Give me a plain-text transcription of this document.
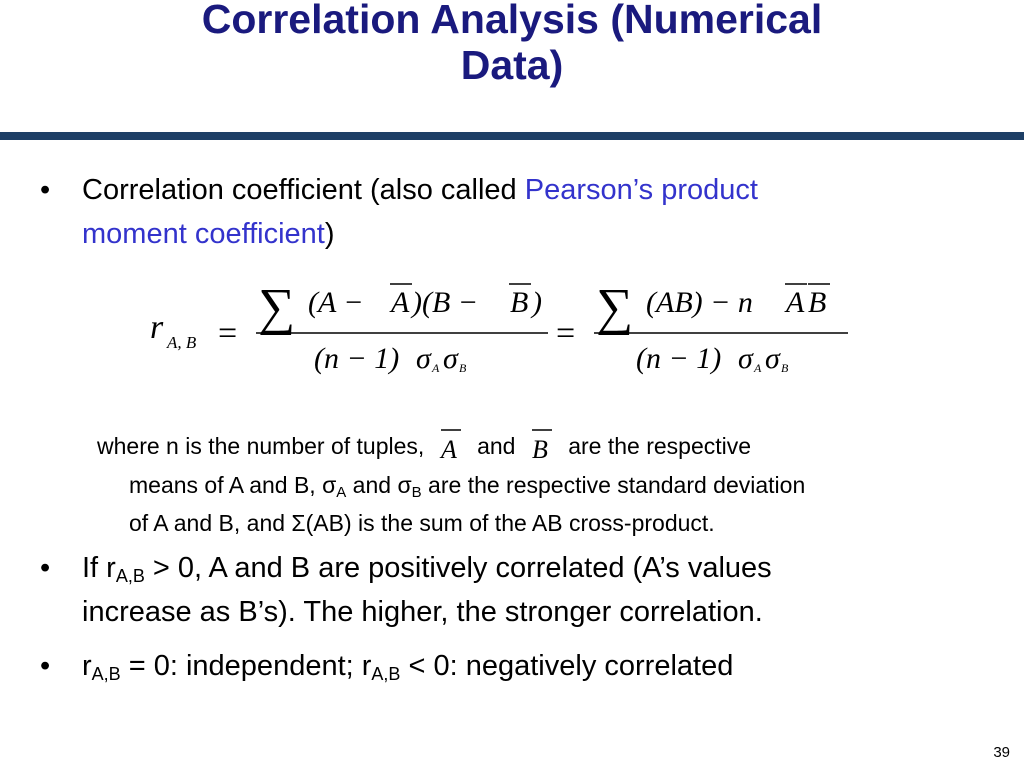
Correlation Analysis (Numerical
Data)
• Correlation coefficient (also called Pearson’s product
moment coefficient)
r A, B = ∑ (A − A )(B − B )
(n − 1) σ A σ B
= ∑ (AB) − n A B
(n − 1) σ A σ B
where n is the number of tuples, A and B are the respective
means of A and B, $\sigma_A$ and $\sigma_B$ are the respective standard deviation
of A and B, and Σ(AB) is the sum of the AB cross-product.
• If $r_{A,B} > 0$, A and B are positively correlated (A’s values
increase as B’s). The higher, the stronger correlation.
• $r_{A,B} = 0$: independent; $r_{A,B} < 0$: negatively correlated
39
